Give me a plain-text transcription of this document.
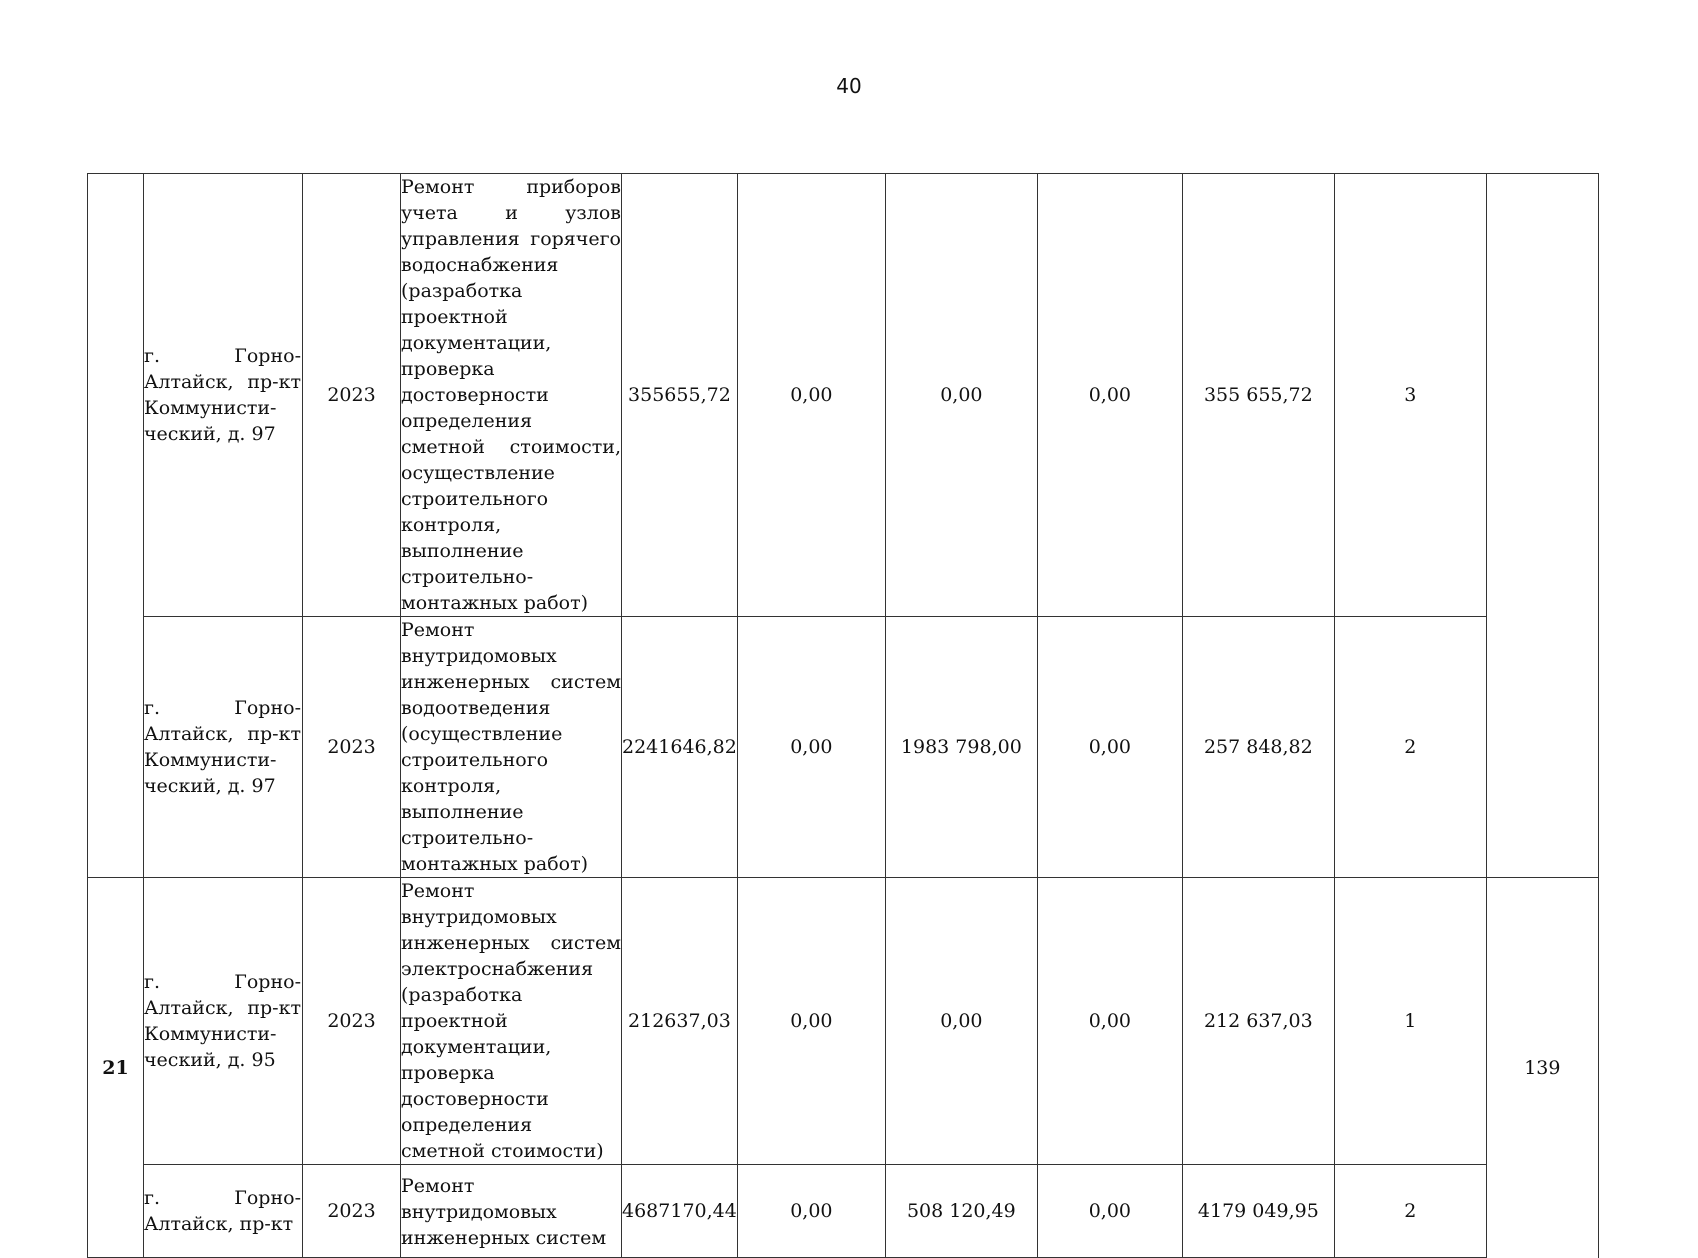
40
	г. Горно-Алтайск, пр-кт Коммунисти-ческий, д. 97	2023	Ремонт приборов учета и узлов управления горячего водоснабжения (разработка проектной документации, проверка достоверности определения сметной стоимости, осуществление строительного контроля, выполнение строительно-монтажных работ)	355655,72	0,00	0,00	0,00	355 655,72	3	
	г. Горно-Алтайск, пр-кт Коммунисти-ческий, д. 97	2023	Ремонт внутридомовых инженерных систем водоотведения (осуществление строительного контроля, выполнение строительно-монтажных работ)	2241646,82	0,00	1983 798,00	0,00	257 848,82	2	
21	г. Горно-Алтайск, пр-кт Коммунисти-ческий, д. 95	2023	Ремонт внутридомовых инженерных систем электроснабжения (разработка проектной документации, проверка достоверности определения сметной стоимости)	212637,03	0,00	0,00	0,00	212 637,03	1	139
	г. Горно-Алтайск, пр-кт	2023	Ремонт внутридомовых инженерных систем	4687170,44	0,00	508 120,49	0,00	4179 049,95	2	
